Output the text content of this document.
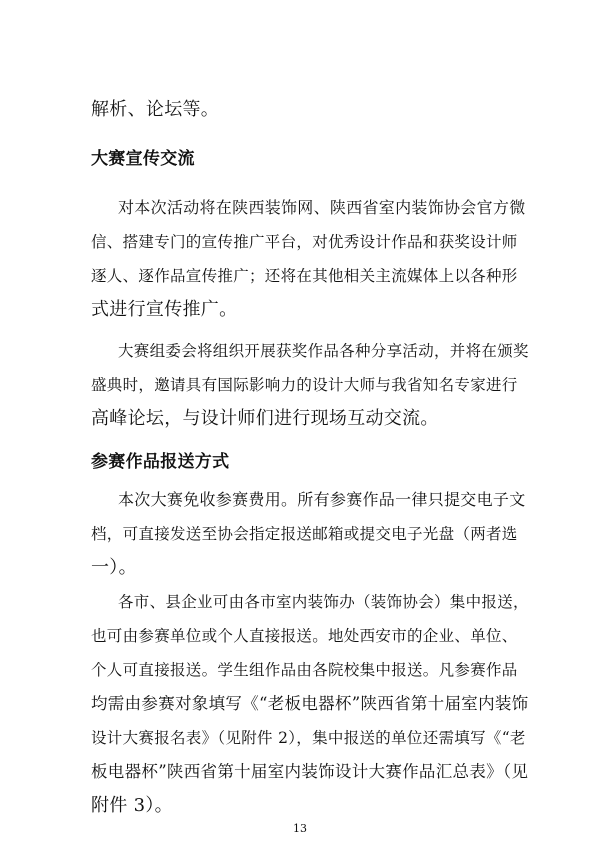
解析、论坛等。
大赛宣传交流
对本次活动将在陕西装饰网、陕西省室内装饰协会官方微
信、搭建专门的宣传推广平台，对优秀设计作品和获奖设计师
逐人、逐作品宣传推广；还将在其他相关主流媒体上以各种形
式进行宣传推广。
大赛组委会将组织开展获奖作品各种分享活动，并将在颁奖
盛典时，邀请具有国际影响力的设计大师与我省知名专家进行
高峰论坛，与设计师们进行现场互动交流。
参赛作品报送方式
本次大赛免收参赛费用。所有参赛作品一律只提交电子文
档，可直接发送至协会指定报送邮箱或提交电子光盘（两者选
一）。
各市、县企业可由各市室内装饰办（装饰协会）集中报送，
也可由参赛单位或个人直接报送。地处西安市的企业、单位、
个人可直接报送。学生组作品由各院校集中报送。凡参赛作品
均需由参赛对象填写《“老板电器杯”陕西省第十届室内装饰
设计大赛报名表》（见附件 2），集中报送的单位还需填写《“老
板电器杯”陕西省第十届室内装饰设计大赛作品汇总表》（见
附件 3）。
13
